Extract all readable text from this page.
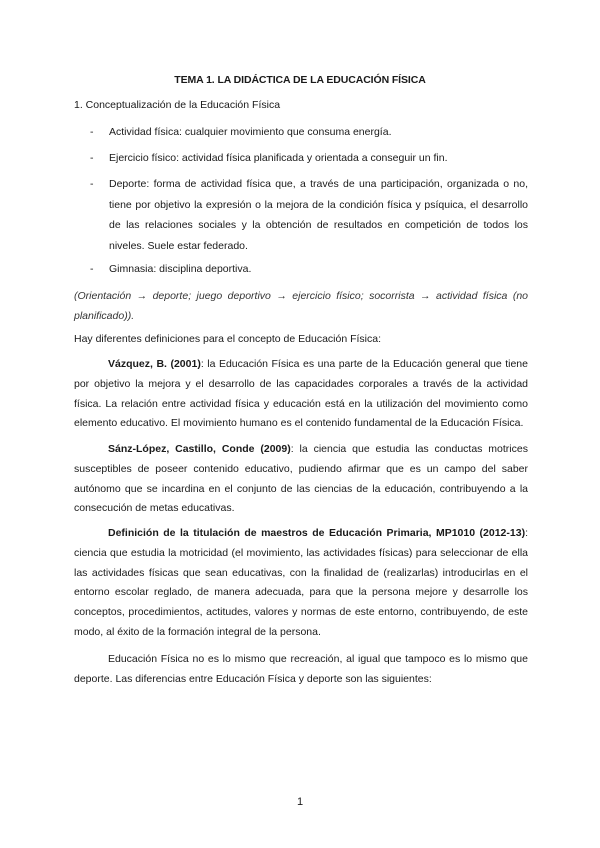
TEMA 1. LA DIDÁCTICA DE LA EDUCACIÓN FÍSICA
1. Conceptualización de la Educación Física
- Actividad física: cualquier movimiento que consuma energía.
- Ejercicio físico: actividad física planificada y orientada a conseguir un fin.
- Deporte: forma de actividad física que, a través de una participación, organizada o no, tiene por objetivo la expresión o la mejora de la condición física y psíquica, el desarrollo de las relaciones sociales y la obtención de resultados en competición de todos los niveles. Suele estar federado.
- Gimnasia: disciplina deportiva.
(Orientación → deporte; juego deportivo → ejercicio físico; socorrista → actividad física (no planificado)).
Hay diferentes definiciones para el concepto de Educación Física:
Vázquez, B. (2001): la Educación Física es una parte de la Educación general que tiene por objetivo la mejora y el desarrollo de las capacidades corporales a través de la actividad física. La relación entre actividad física y educación está en la utilización del movimiento como elemento educativo. El movimiento humano es el contenido fundamental de la Educación Física.
Sánz-López, Castillo, Conde (2009): la ciencia que estudia las conductas motrices susceptibles de poseer contenido educativo, pudiendo afirmar que es un campo del saber autónomo que se incardina en el conjunto de las ciencias de la educación, contribuyendo a la consecución de metas educativas.
Definición de la titulación de maestros de Educación Primaria, MP1010 (2012-13): ciencia que estudia la motricidad (el movimiento, las actividades físicas) para seleccionar de ella las actividades físicas que sean educativas, con la finalidad de (realizarlas) introducirlas en el entorno escolar reglado, de manera adecuada, para que la persona mejore y desarrolle los conceptos, procedimientos, actitudes, valores y normas de este entorno, contribuyendo, de este modo, al éxito de la formación integral de la persona.
Educación Física no es lo mismo que recreación, al igual que tampoco es lo mismo que deporte. Las diferencias entre Educación Física y deporte son las siguientes:
1
